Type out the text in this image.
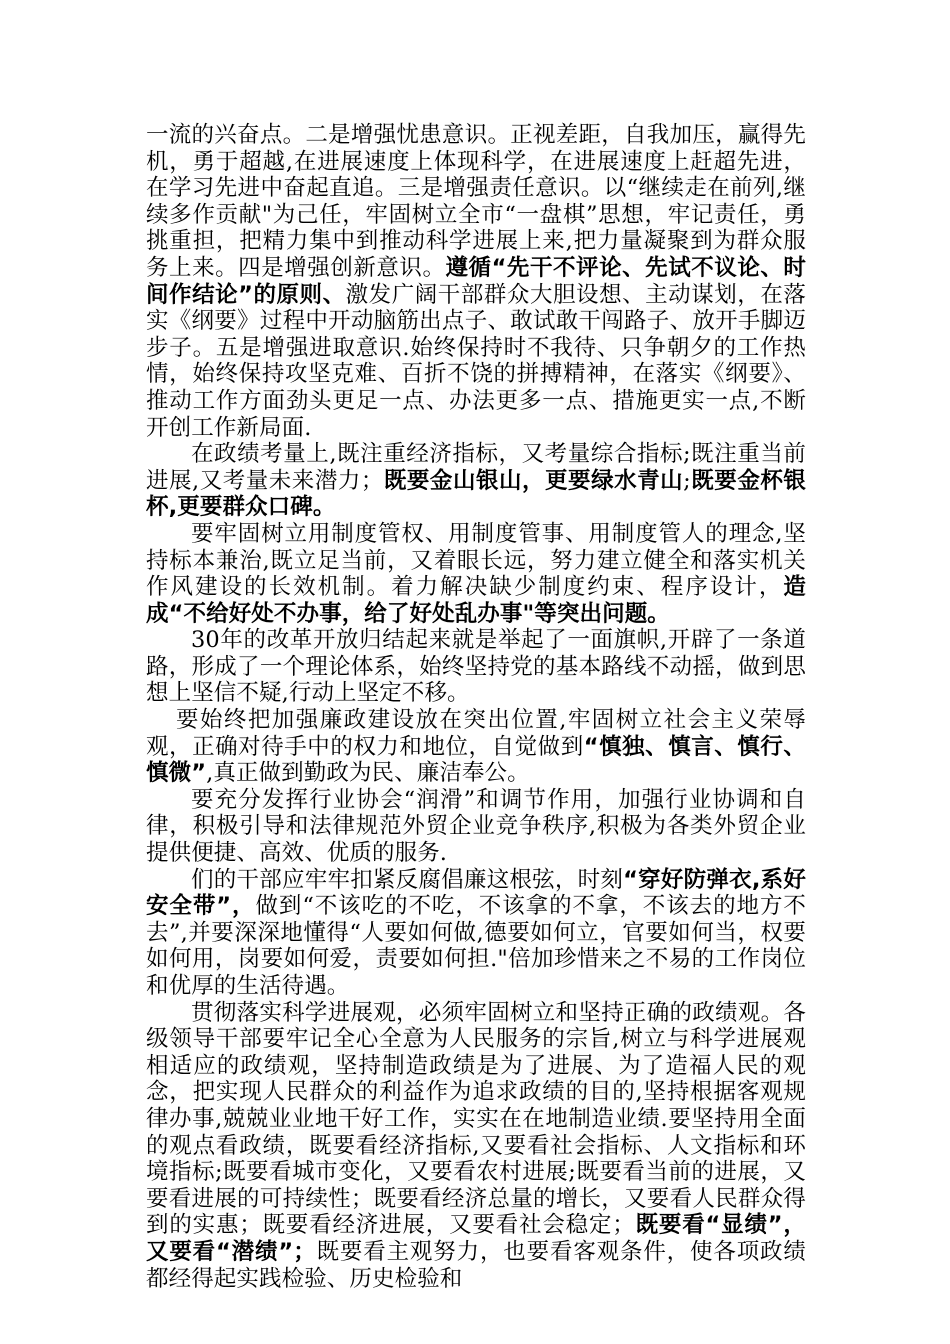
一流的兴奋点。二是增强忧患意识。正视差距，自我加压，赢得先机，勇于超越,在进展速度上体现科学，在进展速度上赶超先进，在学习先进中奋起直追。三是增强责任意识。以“继续走在前列,继续多作贡献"为己任，牢固树立全市“一盘棋”思想，牢记责任，勇挑重担，把精力集中到推动科学进展上来,把力量凝聚到为群众服务上来。四是增强创新意识。遵循“先干不评论、先试不议论、时间作结论”的原则、激发广阔干部群众大胆设想、主动谋划，在落实《纲要》过程中开动脑筋出点子、敢试敢干闯路子、放开手脚迈步子。五是增强进取意识.始终保持时不我待、只争朝夕的工作热情，始终保持攻坚克难、百折不饶的拼搏精神，在落实《纲要》、推动工作方面劲头更足一点、办法更多一点、措施更实一点,不断开创工作新局面.

在政绩考量上,既注重经济指标，又考量综合指标;既注重当前进展,又考量未来潜力；既要金山银山，更要绿水青山;既要金杯银杯,更要群众口碑。

要牢固树立用制度管权、用制度管事、用制度管人的理念,坚持标本兼治,既立足当前，又着眼长远，努力建立健全和落实机关作风建设的长效机制。着力解决缺少制度约束、程序设计，造成“不给好处不办事，给了好处乱办事"等突出问题。

30年的改革开放归结起来就是举起了一面旗帜,开辟了一条道路，形成了一个理论体系，始终坚持党的基本路线不动摇，做到思想上坚信不疑,行动上坚定不移。

要始终把加强廉政建设放在突出位置,牢固树立社会主义荣辱观，正确对待手中的权力和地位，自觉做到“慎独、慎言、慎行、慎微”,真正做到勤政为民、廉洁奉公。

要充分发挥行业协会“润滑”和调节作用，加强行业协调和自律，积极引导和法律规范外贸企业竞争秩序,积极为各类外贸企业提供便捷、高效、优质的服务.

们的干部应牢牢扣紧反腐倡廉这根弦，时刻“穿好防弹衣,系好安全带”，做到“不该吃的不吃，不该拿的不拿，不该去的地方不去”,并要深深地懂得“人要如何做,德要如何立，官要如何当，权要如何用，岗要如何爱，责要如何担."倍加珍惜来之不易的工作岗位和优厚的生活待遇。

贯彻落实科学进展观，必须牢固树立和坚持正确的政绩观。各级领导干部要牢记全心全意为人民服务的宗旨,树立与科学进展观相适应的政绩观，坚持制造政绩是为了进展、为了造福人民的观念，把实现人民群众的利益作为追求政绩的目的,坚持根据客观规律办事,兢兢业业地干好工作，实实在在地制造业绩.要坚持用全面的观点看政绩，既要看经济指标,又要看社会指标、人文指标和环境指标;既要看城市变化，又要看农村进展;既要看当前的进展，又要看进展的可持续性；既要看经济总量的增长，又要看人民群众得到的实惠；既要看经济进展，又要看社会稳定；既要看“显绩”，又要看“潜绩”；既要看主观努力，也要看客观条件，使各项政绩都经得起实践检验、历史检验和
